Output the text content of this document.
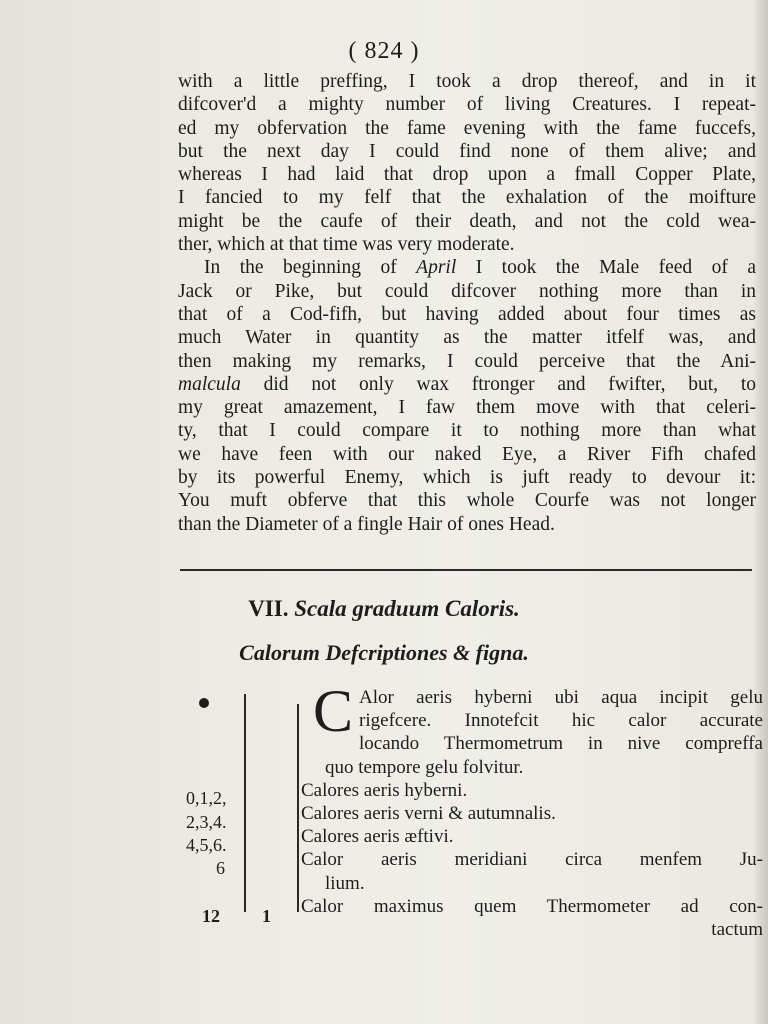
( 824 )
with a little preffing, I took a drop thereof, and in it
difcover'd a mighty number of living Creatures. I repeat-
ed my obfervation the fame evening with the fame fuccefs,
but the next day I could find none of them alive; and
whereas I had laid that drop upon a fmall Copper Plate,
I fancied to my felf that the exhalation of the moifture
might be the caufe of their death, and not the cold wea-
ther, which at that time was very moderate.
In the beginning of April I took the Male feed of a
Jack or Pike, but could difcover nothing more than in
that of a Cod-fifh, but having added about four times as
much Water in quantity as the matter itfelf was, and
then making my remarks, I could perceive that the Ani-
malcula did not only wax ftronger and fwifter, but, to
my great amazement, I faw them move with that celeri-
ty, that I could compare it to nothing more than what
we have feen with our naked Eye, a River Fifh chafed
by its powerful Enemy, which is juft ready to devour it:
You muft obferve that this whole Courfe was not longer
than the Diameter of a fingle Hair of ones Head.
VII. Scala graduum Caloris.
Calorum Defcriptiones & figna.
0,1,2,
2,3,4.
4,5,6.
6
12 1
C Alor aeris hyberni ubi aqua incipit gelu
rigefcere. Innotefcit hic calor accurate
locando Thermometrum in nive compreffa
quo tempore gelu folvitur.
Calores aeris hyberni.
Calores aeris verni & autumnalis.
Calores aeris æftivi.
Calor aeris meridiani circa menfem Ju-
lium.
Calor maximus quem Thermometer ad con-
tactum
